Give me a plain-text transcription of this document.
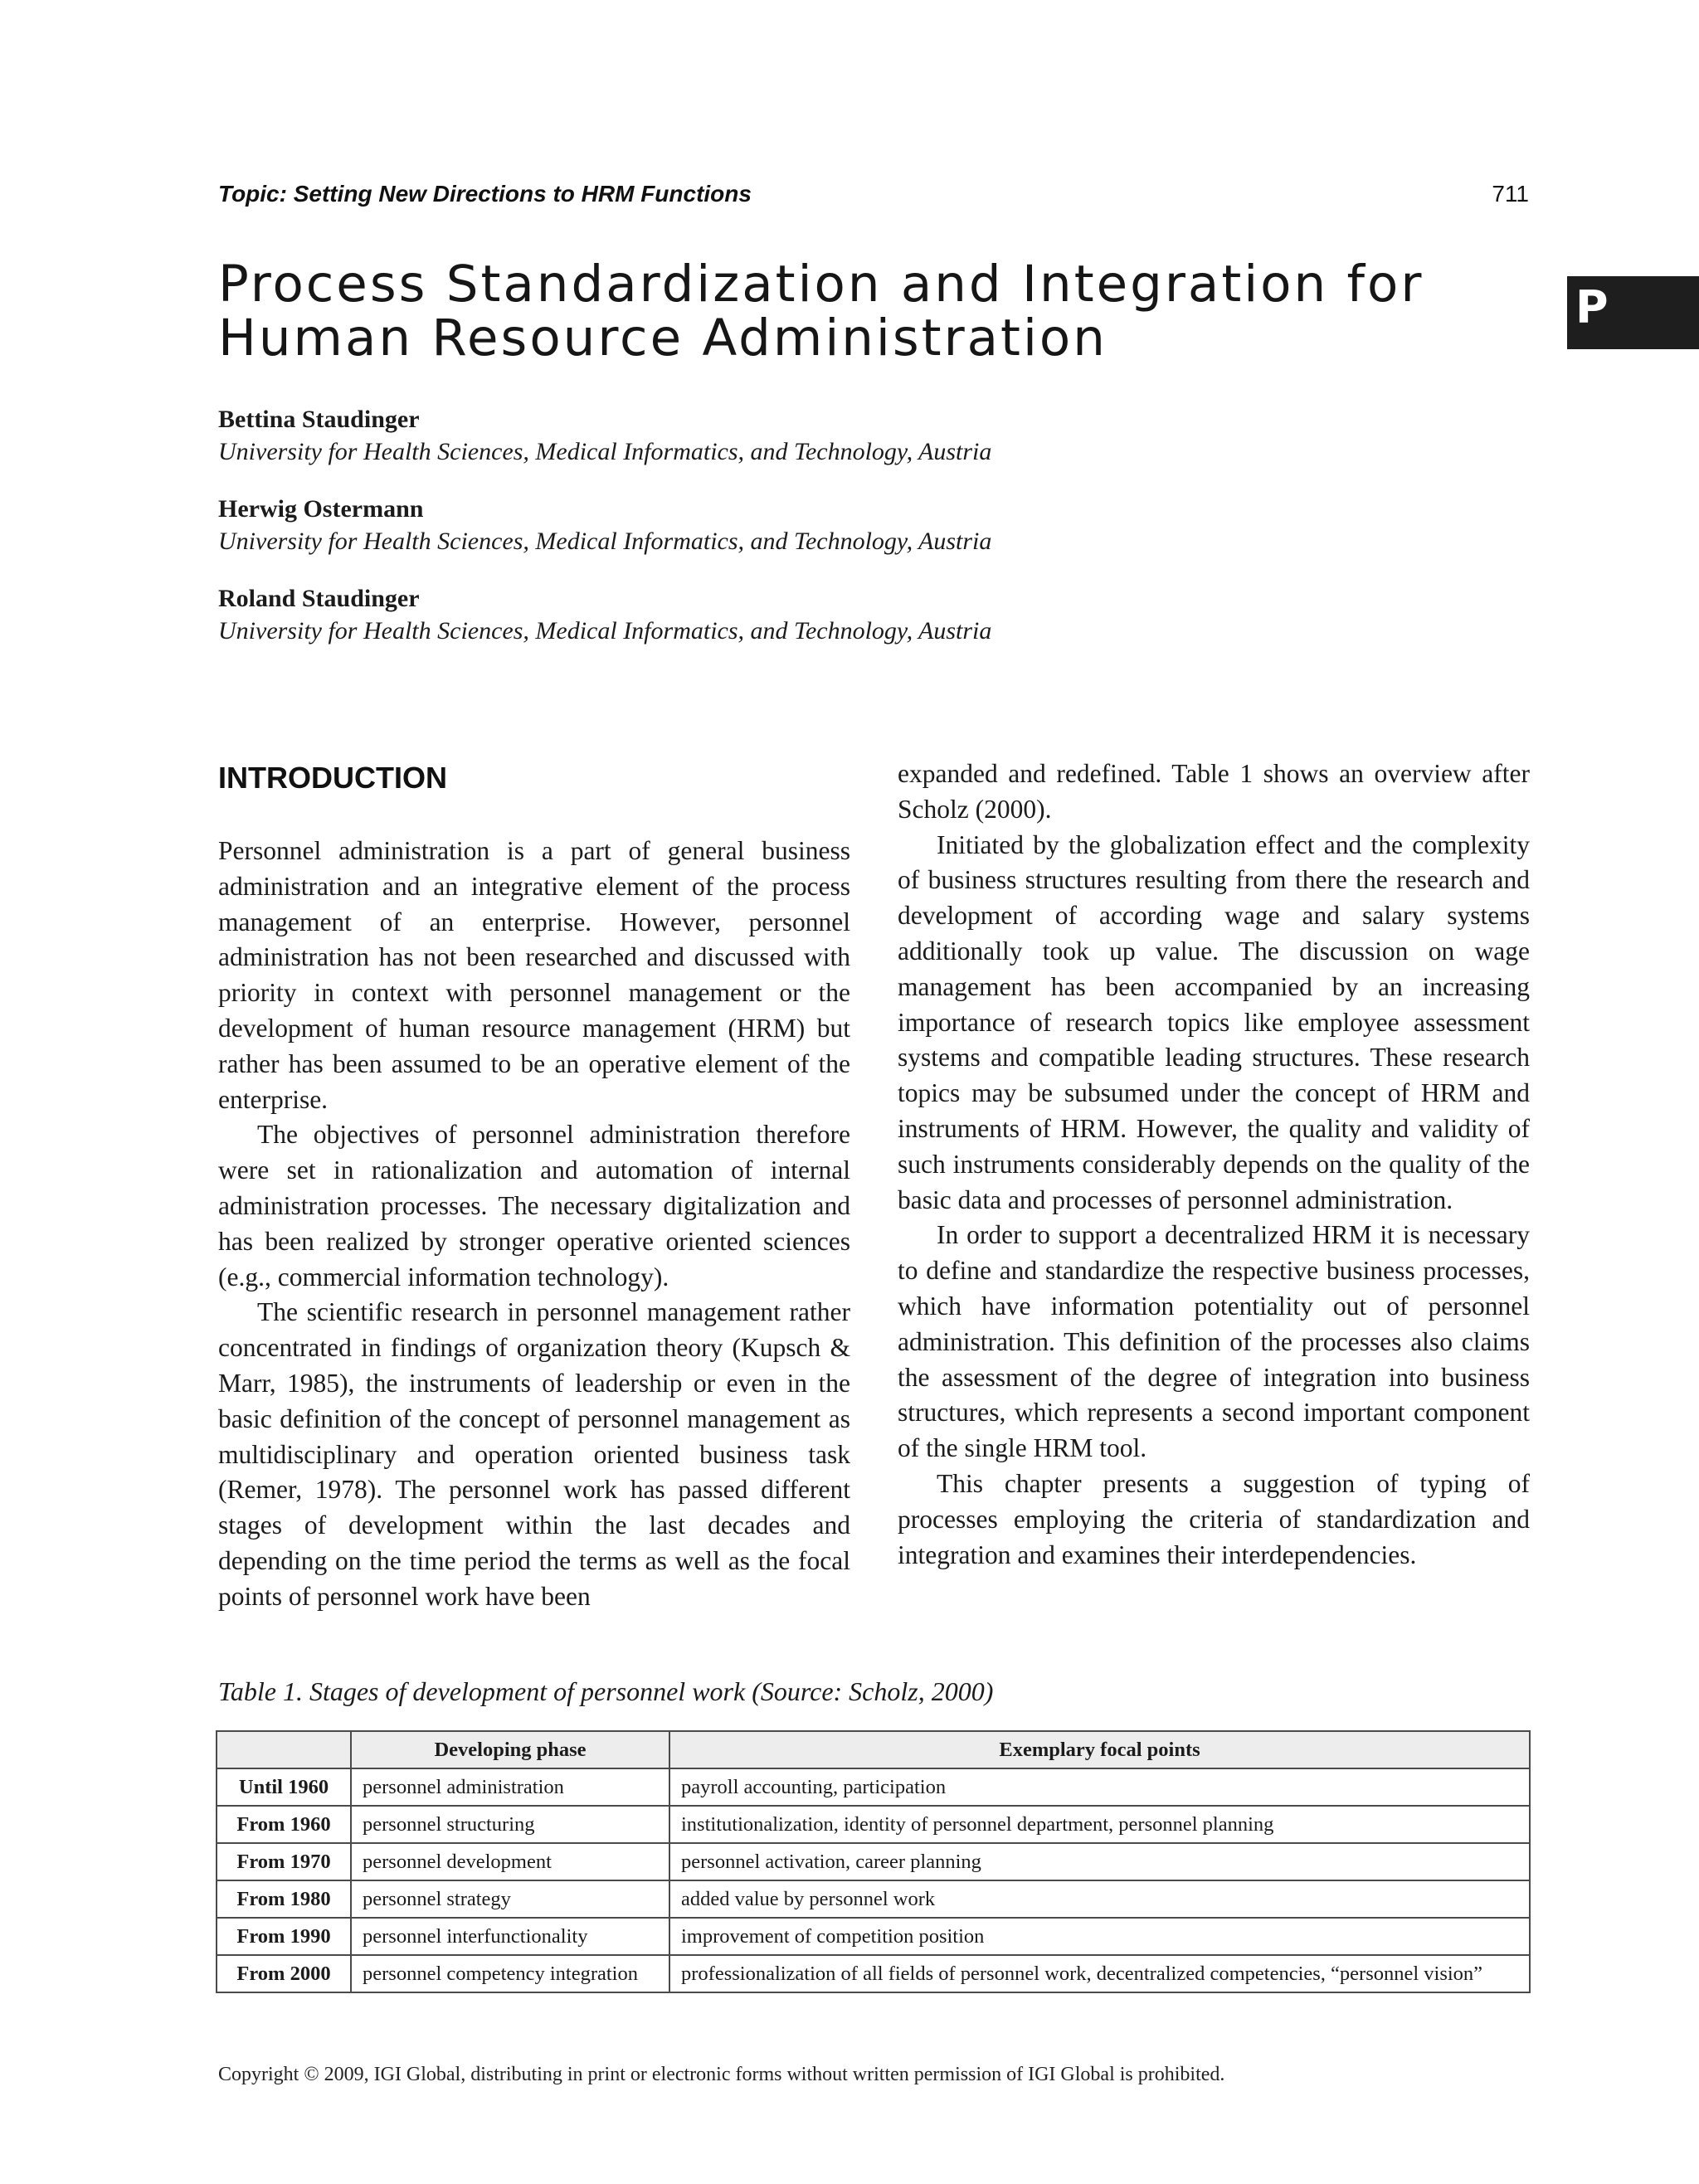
Topic: Setting New Directions to HRM Functions	711
P
Process Standardization and Integration for
Human Resource Administration
Bettina Staudinger
University for Health Sciences, Medical Informatics, and Technology, Austria
Herwig Ostermann
University for Health Sciences, Medical Informatics, and Technology, Austria
Roland Staudinger
University for Health Sciences, Medical Informatics, and Technology, Austria
INTRODUCTION

Personnel administration is a part of general business administration and an integrative element of the process management of an enterprise. However, personnel administration has not been researched and discussed with priority in context with personnel management or the development of human resource management (HRM) but rather has been assumed to be an operative element of the enterprise.

The objectives of personnel administration therefore were set in rationalization and automation of internal administration processes. The necessary digitalization and has been realized by stronger operative oriented sciences (e.g., commercial information technology).

The scientific research in personnel management rather concentrated in findings of organization theory (Kupsch & Marr, 1985), the instruments of leadership or even in the basic definition of the concept of personnel management as multidisciplinary and operation oriented business task (Remer, 1978). The personnel work has passed different stages of development within the last decades and depending on the time period the terms as well as the focal points of personnel work have been

expanded and redefined. Table 1 shows an overview after Scholz (2000).

Initiated by the globalization effect and the complexity of business structures resulting from there the research and development of according wage and salary systems additionally took up value. The discussion on wage management has been accompanied by an increasing importance of research topics like employee assessment systems and compatible leading structures. These research topics may be subsumed under the concept of HRM and instruments of HRM. However, the quality and validity of such instruments considerably depends on the quality of the basic data and processes of personnel administration.

In order to support a decentralized HRM it is necessary to define and standardize the respective business processes, which have information potentiality out of personnel administration. This definition of the processes also claims the assessment of the degree of integration into business structures, which represents a second important component of the single HRM tool.

This chapter presents a suggestion of typing of processes employing the criteria of standardization and integration and examines their interdependencies.

Table 1. Stages of development of personnel work (Source: Scholz, 2000)
	Developing phase	Exemplary focal points
Until 1960	personnel administration	payroll accounting, participation
From 1960	personnel structuring	institutionalization, identity of personnel department, personnel planning
From 1970	personnel development	personnel activation, career planning
From 1980	personnel strategy	added value by personnel work
From 1990	personnel interfunctionality	improvement of competition position
From 2000	personnel competency integration	professionalization of all fields of personnel work, decentralized competencies, “personnel vision”
Copyright © 2009, IGI Global, distributing in print or electronic forms without written permission of IGI Global is prohibited.
